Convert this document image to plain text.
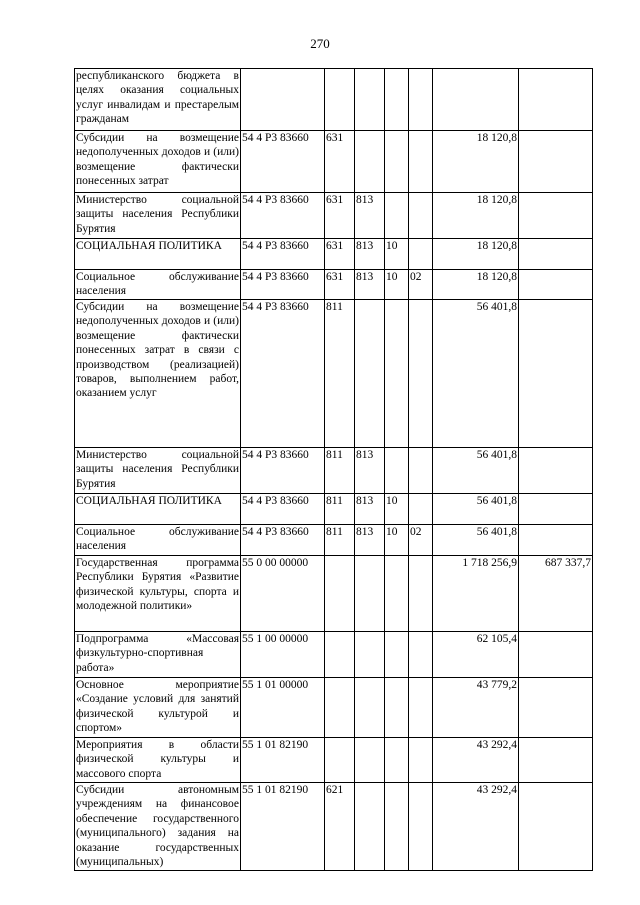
270
республиканского бюджета в целях оказания социальных услуг инвалидам и престарелым гражданам							
Субсидии на возмещение недополученных доходов и (или) возмещение фактически понесенных затрат	54 4 P3 83660	631				18 120,8	
Министерство социальной защиты населения Республики Бурятия	54 4 P3 83660	631	813			18 120,8	
СОЦИАЛЬНАЯ ПОЛИТИКА	54 4 P3 83660	631	813	10		18 120,8	
Социальное обслуживание населения	54 4 P3 83660	631	813	10	02	18 120,8	
Субсидии на возмещение недополученных доходов и (или) возмещение фактически понесенных затрат в связи с производством (реализацией) товаров, выполнением работ, оказанием услуг	54 4 P3 83660	811				56 401,8	
Министерство социальной защиты населения Республики Бурятия	54 4 P3 83660	811	813			56 401,8	
СОЦИАЛЬНАЯ ПОЛИТИКА	54 4 P3 83660	811	813	10		56 401,8	
Социальное обслуживание населения	54 4 P3 83660	811	813	10	02	56 401,8	
Государственная программа Республики Бурятия «Развитие физической культуры, спорта и молодежной политики»	55 0 00 00000					1 718 256,9	687 337,7
Подпрограмма «Массовая физкультурно-спортивная работа»	55 1 00 00000					62 105,4	
Основное мероприятие «Создание условий для занятий физической культурой и спортом»	55 1 01 00000					43 779,2	
Мероприятия в области физической культуры и массового спорта	55 1 01 82190					43 292,4	
Субсидии автономным учреждениям на финансовое обеспечение государственного (муниципального) задания на оказание государственных (муниципальных)	55 1 01 82190	621				43 292,4	
